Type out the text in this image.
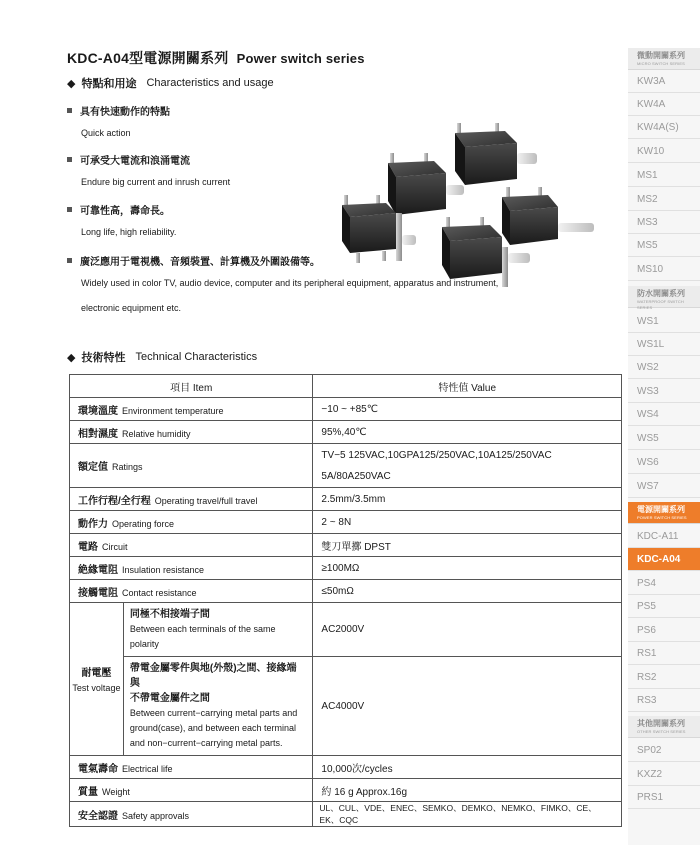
KDC-A04型電源開關系列 Power switch series
◆ 特點和用途 Characteristics and usage
具有快速動作的特點
Quick action
可承受大電流和浪涌電流
Endure big current and inrush current
可靠性高，壽命長。
Long life, high reliability.
廣泛應用于電視機、音頻裝置、計算機及外圍設備等。
Widely used in color TV, audio device, computer and its peripheral equipment, apparatus and instrument,
electronic equipment etc.
◆ 技術特性 Technical Characteristics
項目 Item		特性值 Value
環境溫度 Environment temperature		−10 ~ +85℃
相對濕度 Relative humidity		95%,40℃
額定值 Ratings		TV−5 125VAC,10GPA125/250VAC,10A125/250VAC
5A/80A250VAC

工作行程/全行程 Operating travel/full travel		2.5mm/3.5mm
動作力 Operating force		2 ~ 8N
電路 Circuit		雙刀單擲 DPST
絶緣電阻 Insulation resistance		≥100MΩ
接觸電阻 Contact resistance		≤50mΩ

耐電壓
Test voltage	同極不相接端子間
Between each terminals of the same polarity	AC2000V

	帶電金屬零件與地(外殼)之間、接緣端與
不帶電金屬件之間
Between current−carrying metal parts and
ground(case), and between each terminal
and non−current−carrying metal parts.	AC4000V
電氣壽命 Electrical life		10,000次/cycles
質量 Weight		約 16 g Approx.16g
安全認證 Safety approvals		UL、CUL、VDE、ENEC、SEMKO、DEMKO、NEMKO、FIMKO、CE、EK、CQC
微動開關系列
MICRO SWITCH SERIES
KW3A
KW4A
KW4A(S)
KW10
MS1
MS2
MS3
MS5
MS10
防水開關系列
WATERPROOF SWITCH SERIES
WS1
WS1L
WS2
WS3
WS4
WS5
WS6
WS7
電源開關系列
POWER SWITCH SERIES
KDC-A11
KDC-A04
PS4
PS5
PS6
RS1
RS2
RS3
其他開關系列
OTHER SWITCH SERIES
SP02
KXZ2
PRS1
